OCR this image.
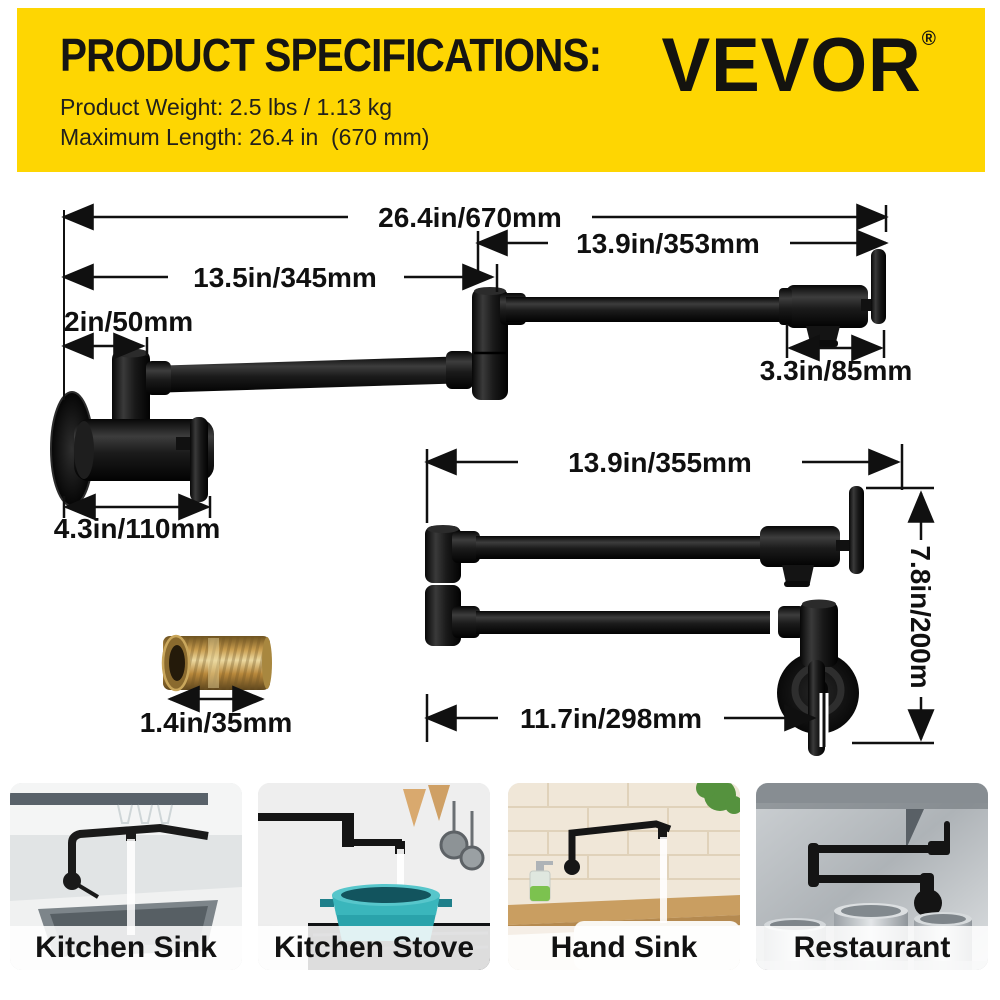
PRODUCT SPECIFICATIONS: VEVOR®
Product Weight: 2.5 lbs / 1.13 kg
Maximum Length: 26.4 in  (670 mm)
26.4in/670mm
13.9in/353mm
13.5in/345mm
2in/50mm
3.3in/85mm
4.3in/110mm
1.4in/35mm
13.9in/355mm
11.7in/298mm
7.8in/200m
Kitchen Sink	Kitchen Stove	Hand Sink	Restaurant
